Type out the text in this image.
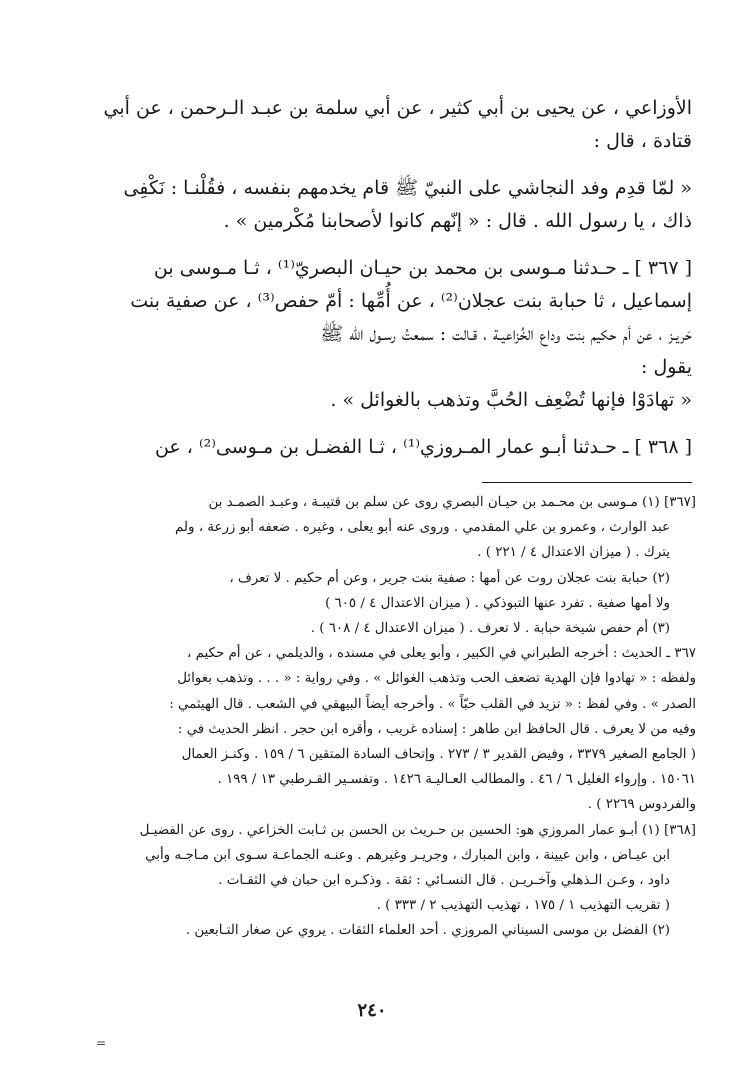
الأوزاعي ، عن يحيى بن أبي كثير ، عن أبي سلمة بن عبـد الـرحمن ، عن أبي

قتادة ، قال :

« لمّا قدِم وفد النجاشي على النبيّ ﷺ قام يخدمهم بنفسه ، فقُلْنـا : نَكْفِى

ذاك ، يا رسول الله . قال : « إنّهم كانوا لأصحابنا مُكْرمين » .

[ ٣٦٧ ] ـ حـدثنا مـوسى بن محمد بن حيـان البصريّ⁽¹⁾ ، ثـا مـوسى بن

إسماعيل ، ثا حبابة بنت عجلان⁽²⁾ ، عن أُمِّها : أمّ حفص⁽³⁾ ، عن صفية بنت

حَريـز ، عن أم حكيم بنت وداع الخُزاعيـة ، قـالت : سمعتُ رسـول الله ﷺ

يقول :

« تهادَوْا فإنها تُضْعِف الحُبَّ وتذهب بالغوائل » .

[ ٣٦٨ ] ـ حـدثنا أبـو عمار المـروزي⁽¹⁾ ، ثـا الفضـل بن مـوسى⁽²⁾ ، عن

[٣٦٧] (١) مـوسى بن محـمد بن حيـان البصري روى عن سلم بن قتيبـة ، وعبـد الصمـد بن

عبد الوارث ، وعمرو بن علي المقدمي . وروى عنه أبو يعلى ، وغيره . ضعفه أبو زرعة ، ولم

يترك . ( ميزان الاعتدال ٤ / ٢٢١ ) .

(٢) حبابة بنت عجلان روت عن أمها : صفية بنت جرير ، وعن أم حكيم . لا تعرف ،

ولا أمها صفية . تفرد عنها التبوذكي . ( ميزان الاعتدال ٤ / ٦٠٥ )

(٣) أم حفص شيخة حبابة . لا تعرف . ( ميزان الاعتدال ٤ / ٦٠٨ ) .

٣٦٧ ـ الحديث : أخرجه الطبراني في الكبير ، وأبو يعلى في مسنده ، والديلمي ، عن أم حكيم ،

ولفظه : « تهادوا فإن الهدية تضعف الحب وتذهب الغوائل » . وفي رواية : « . . . وتذهب بغوائل

الصدر » . وفي لفظ : « تزيد في القلب حبّاً » . وأخرجه أيضاً البيهقي في الشعب . قال الهيثمي :

وفيه من لا يعرف . قال الحافظ ابن طاهر : إسناده غريب ، وأقره ابن حجر . انظر الحديث في :

( الجامع الصغير ٣٣٧٩ ، وفيض القدير ٣ / ٢٧٣ . وإتحاف السادة المتقين ٦ / ١٥٩ . وكنـز العمال

١٥٠٦١ . وإرواء الغليل ٦ / ٤٦ . والمطالب العـاليـة ١٤٢٦ . وتفسـير القـرطبي ١٣ / ١٩٩ .

والفردوس ٢٢٦٩ ) .

[٣٦٨] (١) أبـو عمار المروزي هو: الحسين بن حـريث بن الحسن بن ثـابت الخزاعي . روى عن الفضيـل

ابن عيـاض ، وابن عيينة ، وابن المبارك ، وجريـر وغيرهم . وعنـه الجماعـة سـوى ابن مـاجـه وأبي

داود ، وعـن الـذهلي وآخـريـن . قال النسـائي : ثقة . وذكـره ابن حبان في الثقـات .

( تقريب التهذيب ١ / ١٧٥ ، تهذيب التهذيب ٢ / ٣٣٣ ) .

(٢) الفضل بن موسى السيناني المروزي . أحد العلماء الثقات . يروي عن صغار التـابعين .

٢٤٠
=
